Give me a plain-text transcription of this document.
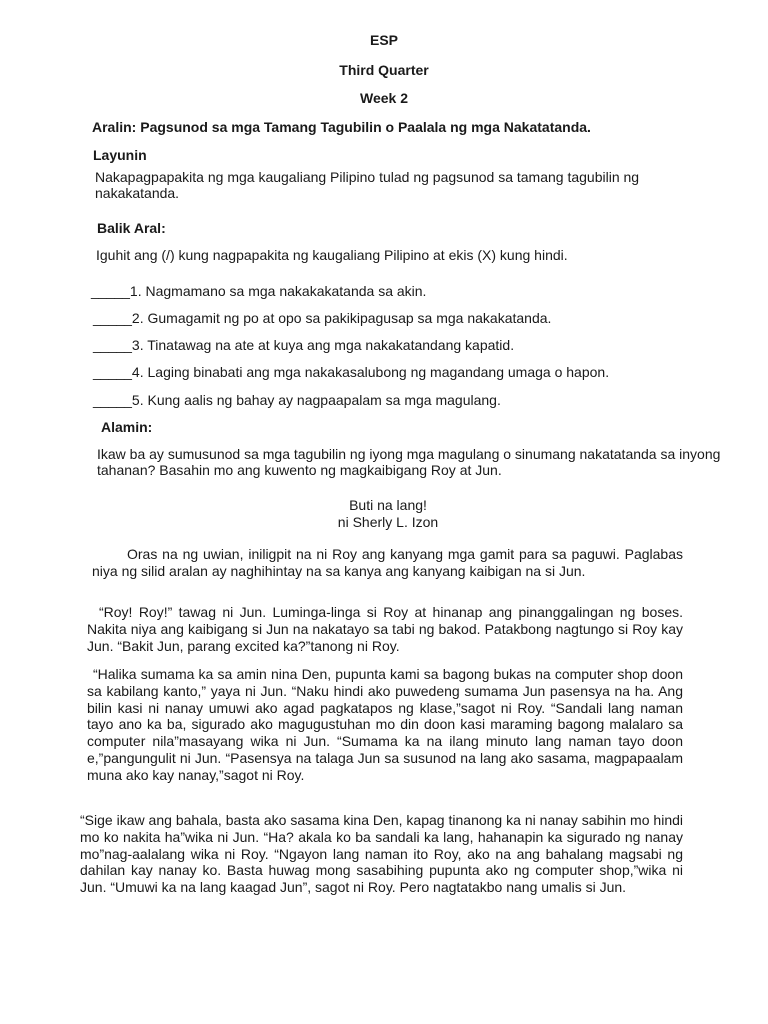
ESP
Third Quarter
Week 2
Aralin: Pagsunod sa mga Tamang Tagubilin o Paalala ng mga Nakatatanda.
Layunin
Nakapagpapakita ng mga kaugaliang Pilipino tulad ng pagsunod sa tamang tagubilin ng nakakatanda.
Balik Aral:
Iguhit ang (/) kung nagpapakita ng kaugaliang Pilipino at ekis (X) kung hindi.
_____1. Nagmamano sa mga nakakakatanda sa akin.
_____2. Gumagamit ng po at opo sa pakikipagusap sa mga nakakatanda.
_____3. Tinatawag na ate at kuya ang mga nakakatandang kapatid.
_____4. Laging binabati ang mga nakakasalubong ng magandang umaga o hapon.
_____5. Kung aalis ng bahay ay nagpaapalam sa mga magulang.
Alamin:
Ikaw ba ay sumusunod sa mga tagubilin ng iyong mga magulang o sinumang nakatatanda sa inyong tahanan? Basahin mo ang kuwento ng magkaibigang Roy at Jun.
Buti na lang!
ni Sherly L. Izon

Oras na ng uwian, iniligpit na ni Roy ang kanyang mga gamit para sa paguwi. Paglabas niya ng silid aralan ay naghihintay na sa kanya ang kanyang kaibigan na si Jun.

“Roy! Roy!” tawag ni Jun. Luminga-linga si Roy at hinanap ang pinanggalingan ng boses. Nakita niya ang kaibigang si Jun na nakatayo sa tabi ng bakod. Patakbong nagtungo si Roy kay Jun. “Bakit Jun, parang excited ka?”tanong ni Roy.

“Halika sumama ka sa amin nina Den, pupunta kami sa bagong bukas na computer shop doon sa kabilang kanto,” yaya ni Jun. “Naku hindi ako puwedeng sumama Jun pasensya na ha. Ang bilin kasi ni nanay umuwi ako agad pagkatapos ng klase,”sagot ni Roy. “Sandali lang naman tayo ano ka ba, sigurado ako magugustuhan mo din doon kasi maraming bagong malalaro sa computer nila”masayang wika ni Jun. “Sumama ka na ilang minuto lang naman tayo doon e,”pangungulit ni Jun. “Pasensya na talaga Jun sa susunod na lang ako sasama, magpapaalam muna ako kay nanay,”sagot ni Roy.

“Sige ikaw ang bahala, basta ako sasama kina Den, kapag tinanong ka ni nanay sabihin mo hindi mo ko nakita ha”wika ni Jun. “Ha? akala ko ba sandali ka lang, hahanapin ka sigurado ng nanay mo”nag-aalalang wika ni Roy. “Ngayon lang naman ito Roy, ako na ang bahalang magsabi ng dahilan kay nanay ko. Basta huwag mong sasabihing pupunta ako ng computer shop,”wika ni Jun. “Umuwi ka na lang kaagad Jun”, sagot ni Roy. Pero nagtatakbo nang umalis si Jun.
